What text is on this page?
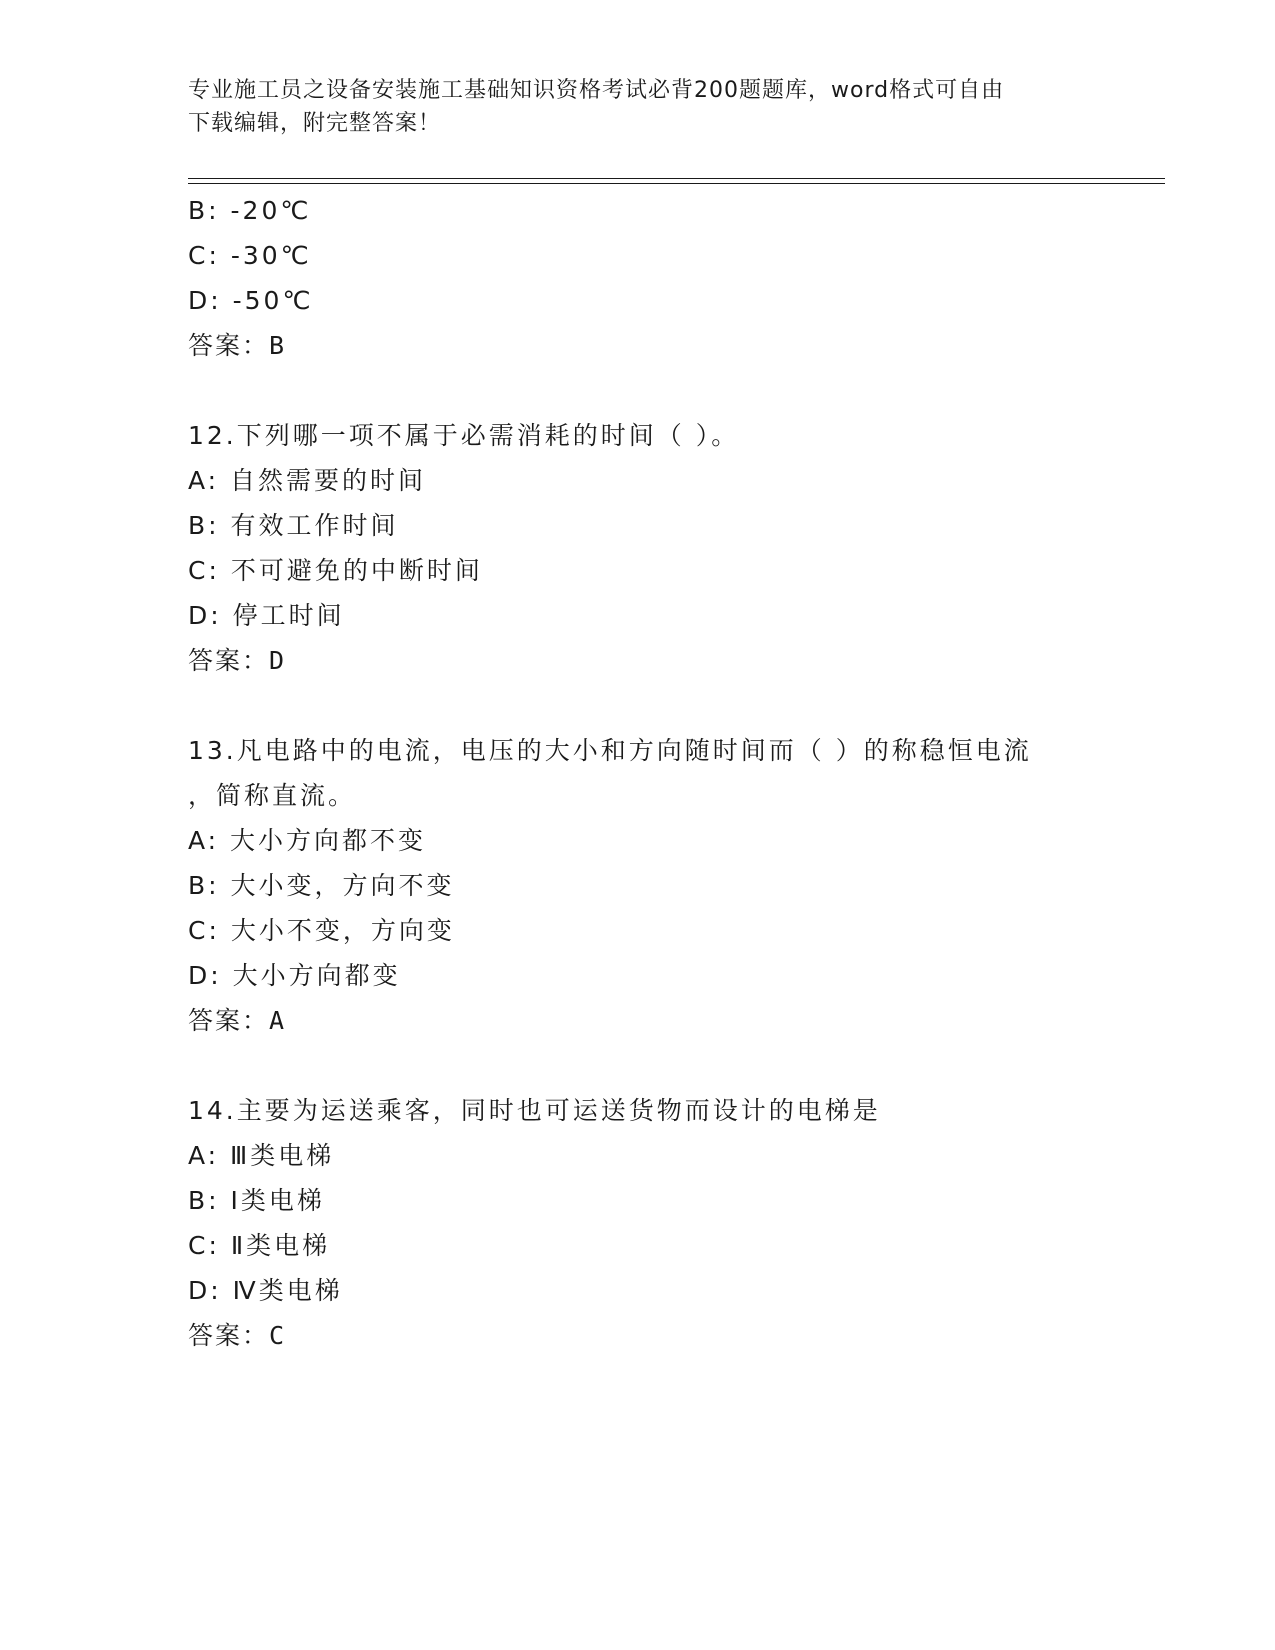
专业施工员之设备安装施工基础知识资格考试必背200题题库，word格式可自由
下载编辑，附完整答案！
B: -20℃
C: -30℃
D: -50℃
答案：B
12.下列哪一项不属于必需消耗的时间（ ）。
A: 自然需要的时间
B: 有效工作时间
C: 不可避免的中断时间
D: 停工时间
答案：D
13.凡电路中的电流，电压的大小和方向随时间而（ ）的称稳恒电流
，简称直流。
A: 大小方向都不变
B: 大小变，方向不变
C: 大小不变，方向变
D: 大小方向都变
答案：A
14.主要为运送乘客，同时也可运送货物而设计的电梯是
A: Ⅲ类电梯
B: Ⅰ类电梯
C: Ⅱ类电梯
D: Ⅳ类电梯
答案：C
